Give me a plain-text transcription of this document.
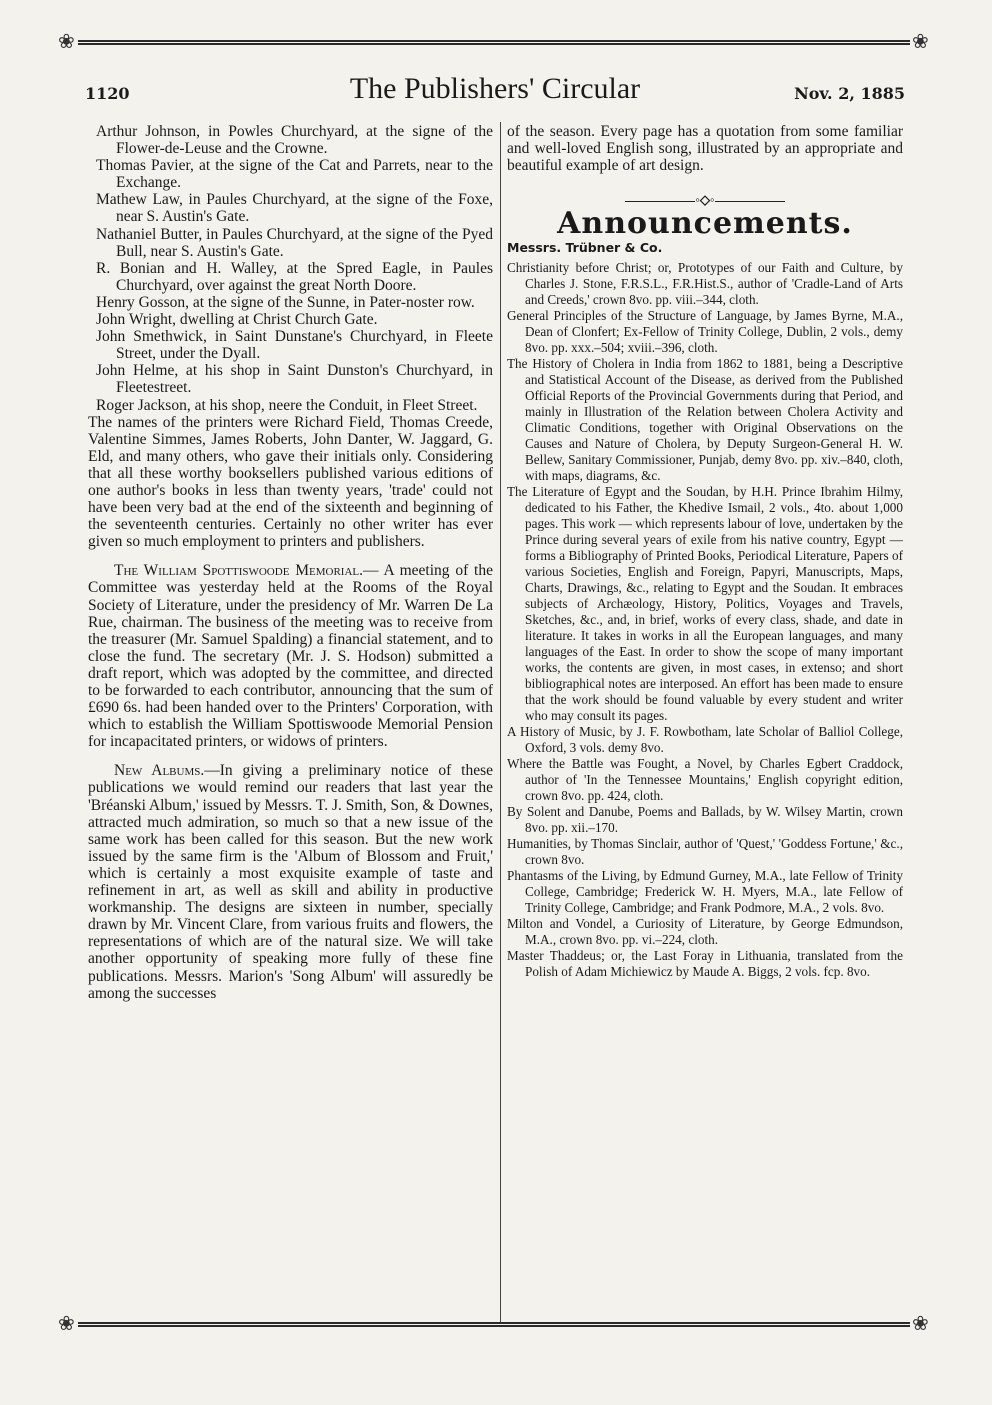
❀	❀
1120	The Publishers' Circular	Nov. 2, 1885

Arthur Johnson, in Powles Churchyard, at the signe of the Flower-de-Leuse and the Crowne.

Thomas Pavier, at the signe of the Cat and Parrets, near to the Exchange.

Mathew Law, in Paules Churchyard, at the signe of the Foxe, near S. Austin's Gate.

Nathaniel Butter, in Paules Churchyard, at the signe of the Pyed Bull, near S. Austin's Gate.

R. Bonian and H. Walley, at the Spred Eagle, in Paules Churchyard, over against the great North Doore.

Henry Gosson, at the signe of the Sunne, in Pater-noster row.

John Wright, dwelling at Christ Church Gate.

John Smethwick, in Saint Dunstane's Churchyard, in Fleete Street, under the Dyall.

John Helme, at his shop in Saint Dunston's Churchyard, in Fleetestreet.

Roger Jackson, at his shop, neere the Conduit, in Fleet Street.

The names of the printers were Richard Field, Thomas Creede, Valentine Simmes, James Roberts, John Danter, W. Jaggard, G. Eld, and many others, who gave their initials only. Considering that all these worthy booksellers published various editions of one author's books in less than twenty years, 'trade' could not have been very bad at the end of the sixteenth and beginning of the seventeenth centuries. Certainly no other writer has ever given so much employment to printers and publishers.

The William Spottiswoode Memorial.— A meeting of the Committee was yesterday held at the Rooms of the Royal Society of Literature, under the presidency of Mr. Warren De La Rue, chairman. The business of the meeting was to receive from the treasurer (Mr. Samuel Spalding) a financial statement, and to close the fund. The secretary (Mr. J. S. Hodson) submitted a draft report, which was adopted by the committee, and directed to be forwarded to each contributor, announcing that the sum of £690 6s. had been handed over to the Printers' Corporation, with which to establish the William Spottiswoode Memorial Pension for incapacitated printers, or widows of printers.

New Albums.—In giving a preliminary notice of these publications we would remind our readers that last year the 'Bréanski Album,' issued by Messrs. T. J. Smith, Son, & Downes, attracted much admiration, so much so that a new issue of the same work has been called for this season. But the new work issued by the same firm is the 'Album of Blossom and Fruit,' which is certainly a most exquisite example of taste and refinement in art, as well as skill and ability in productive workmanship. The designs are sixteen in number, specially drawn by Mr. Vincent Clare, from various fruits and flowers, the representations of which are of the natural size. We will take another opportunity of speaking more fully of these fine publications. Messrs. Marion's 'Song Album' will assuredly be among the successes

of the season. Every page has a quotation from some familiar and well-loved English song, illustrated by an appropriate and beautiful example of art design.

◦◇◦
Announcements.
Messrs. Trübner & Co.

Christianity before Christ; or, Prototypes of our Faith and Culture, by Charles J. Stone, F.R.S.L., F.R.Hist.S., author of 'Cradle-Land of Arts and Creeds,' crown 8vo. pp. viii.–344, cloth.

General Principles of the Structure of Language, by James Byrne, M.A., Dean of Clonfert; Ex-Fellow of Trinity College, Dublin, 2 vols., demy 8vo. pp. xxx.–504; xviii.–396, cloth.

The History of Cholera in India from 1862 to 1881, being a Descriptive and Statistical Account of the Disease, as derived from the Published Official Reports of the Provincial Governments during that Period, and mainly in Illustration of the Relation between Cholera Activity and Climatic Conditions, together with Original Observations on the Causes and Nature of Cholera, by Deputy Surgeon-General H. W. Bellew, Sanitary Commissioner, Punjab, demy 8vo. pp. xiv.–840, cloth, with maps, diagrams, &c.

The Literature of Egypt and the Soudan, by H.H. Prince Ibrahim Hilmy, dedicated to his Father, the Khedive Ismail, 2 vols., 4to. about 1,000 pages. This work — which represents labour of love, undertaken by the Prince during several years of exile from his native country, Egypt — forms a Bibliography of Printed Books, Periodical Literature, Papers of various Societies, English and Foreign, Papyri, Manuscripts, Maps, Charts, Drawings, &c., relating to Egypt and the Soudan. It embraces subjects of Archæology, History, Politics, Voyages and Travels, Sketches, &c., and, in brief, works of every class, shade, and date in literature. It takes in works in all the European languages, and many languages of the East. In order to show the scope of many important works, the contents are given, in most cases, in extenso; and short bibliographical notes are interposed. An effort has been made to ensure that the work should be found valuable by every student and writer who may consult its pages.

A History of Music, by J. F. Rowbotham, late Scholar of Balliol College, Oxford, 3 vols. demy 8vo.

Where the Battle was Fought, a Novel, by Charles Egbert Craddock, author of 'In the Tennessee Mountains,' English copyright edition, crown 8vo. pp. 424, cloth.

By Solent and Danube, Poems and Ballads, by W. Wilsey Martin, crown 8vo. pp. xii.–170.

Humanities, by Thomas Sinclair, author of 'Quest,' 'Goddess Fortune,' &c., crown 8vo.

Phantasms of the Living, by Edmund Gurney, M.A., late Fellow of Trinity College, Cambridge; Frederick W. H. Myers, M.A., late Fellow of Trinity College, Cambridge; and Frank Podmore, M.A., 2 vols. 8vo.

Milton and Vondel, a Curiosity of Literature, by George Edmundson, M.A., crown 8vo. pp. vi.–224, cloth.

Master Thaddeus; or, the Last Foray in Lithuania, translated from the Polish of Adam Michiewicz by Maude A. Biggs, 2 vols. fcp. 8vo.

❀	❀
